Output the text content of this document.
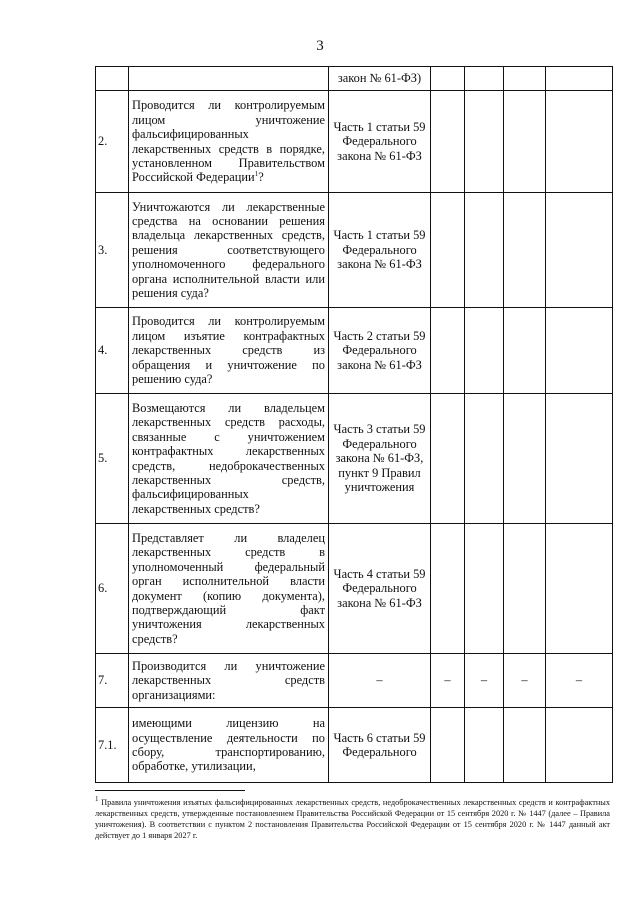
3
		закон № 61-ФЗ)				
2.	Проводится ли контролируемым лицом уничтожение фальсифицированных лекарственных средств в порядке, установленном Правительством Российской Федерации$^1$?	Часть 1 статьи 59 Федерального закона № 61-ФЗ				
3.	Уничтожаются ли лекарственные средства на основании решения владельца лекарственных средств, решения соответствующего уполномоченного федерального органа исполнительной власти или решения суда?	Часть 1 статьи 59 Федерального закона № 61-ФЗ				
4.	Проводится ли контролируемым лицом изъятие контрафактных лекарственных средств из обращения и уничтожение по решению суда?	Часть 2 статьи 59 Федерального закона № 61-ФЗ				
5.	Возмещаются ли владельцем лекарственных средств расходы, связанные с уничтожением контрафактных лекарственных средств, недоброкачественных лекарственных средств, фальсифицированных лекарственных средств?	Часть 3 статьи 59 Федерального закона № 61-ФЗ, пункт 9 Правил уничтожения				
6.	Представляет ли владелец лекарственных средств в уполномоченный федеральный орган исполнительной власти документ (копию документа), подтверждающий факт уничтожения лекарственных средств?	Часть 4 статьи 59 Федерального закона № 61-ФЗ				
7.	Производится ли уничтожение лекарственных средств организациями:	–	–	–	–	–
7.1.	имеющими лицензию на осуществление деятельности по сбору, транспортированию, обработке, утилизации,	Часть 6 статьи 59 Федерального				
$^1$ Правила уничтожения изъятых фальсифицированных лекарственных средств, недоброкачественных лекарственных средств и контрафактных лекарственных средств, утвержденные постановлением Правительства Российской Федерации от 15 сентября 2020 г. № 1447 (далее – Правила уничтожения). В соответствии с пунктом 2 постановления Правительства Российской Федерации от 15 сентября 2020 г. № 1447 данный акт действует до 1 января 2027 г.
